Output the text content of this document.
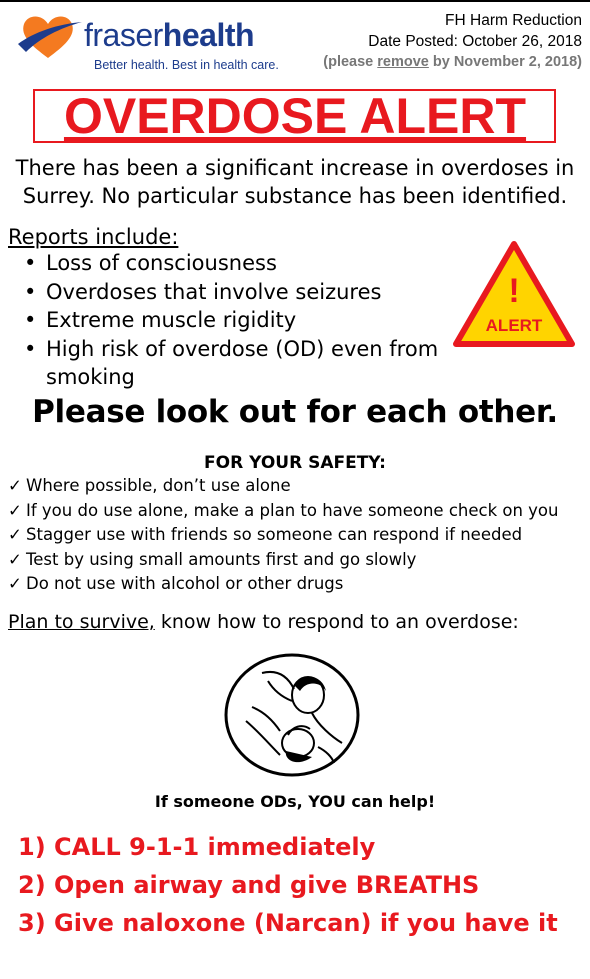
fraserhealth
Better health. Best in health care.
FH Harm Reduction
Date Posted: October 26, 2018
(please remove by November 2, 2018)
OVERDOSE ALERT
There has been a significant increase in overdoses in Surrey. No particular substance has been identified.
Reports include:
• Loss of consciousness
• Overdoses that involve seizures
• Extreme muscle rigidity
• High risk of overdose (OD) even from smoking
!
ALERT
Please look out for each other.
FOR YOUR SAFETY:
✓ Where possible, don’t use alone
✓ If you do use alone, make a plan to have someone check on you
✓ Stagger use with friends so someone can respond if needed
✓ Test by using small amounts first and go slowly
✓ Do not use with alcohol or other drugs
Plan to survive, know how to respond to an overdose:
If someone ODs, YOU can help!
1) CALL 9-1-1 immediately
2) Open airway and give BREATHS
3) Give naloxone (Narcan) if you have it
